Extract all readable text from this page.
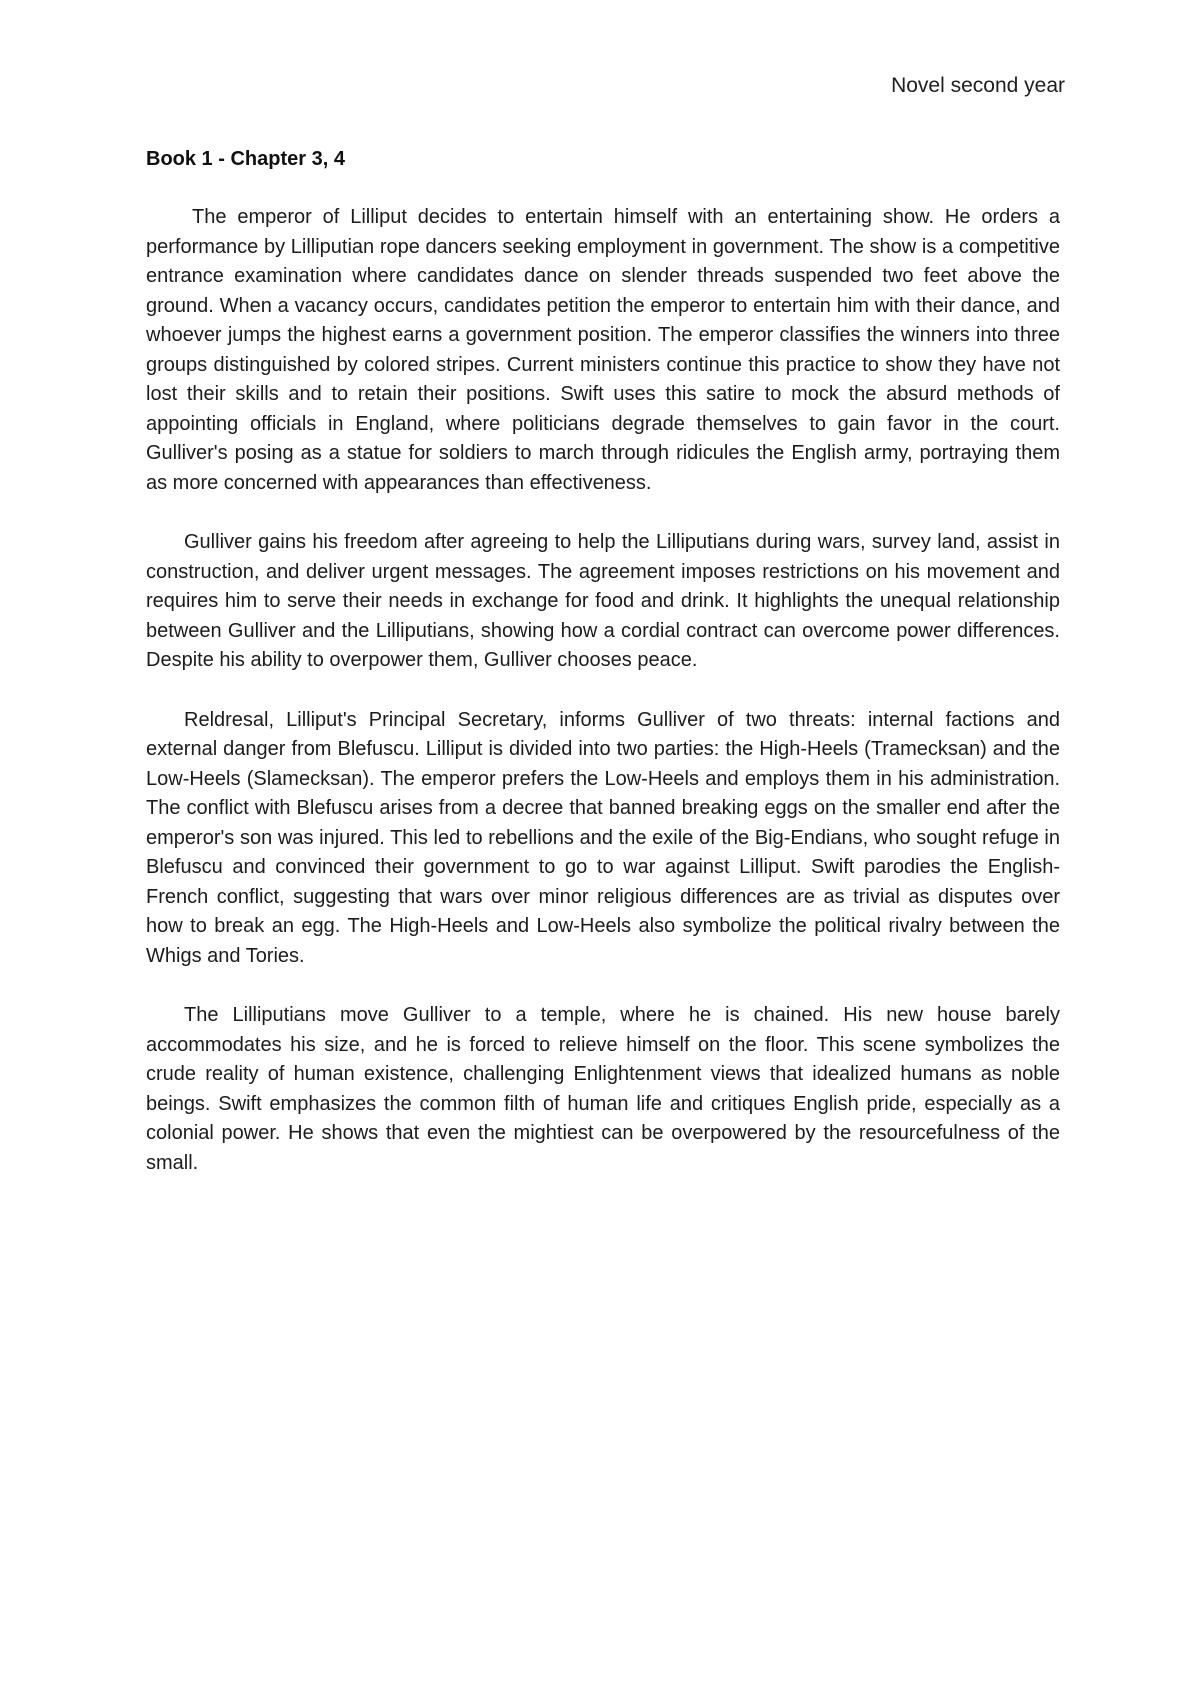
Novel second year
Book 1 - Chapter 3, 4

The emperor of Lilliput decides to entertain himself with an entertaining show. He orders a performance by Lilliputian rope dancers seeking employment in government. The show is a competitive entrance examination where candidates dance on slender threads suspended two feet above the ground. When a vacancy occurs, candidates petition the emperor to entertain him with their dance, and whoever jumps the highest earns a government position. The emperor classifies the winners into three groups distinguished by colored stripes. Current ministers continue this practice to show they have not lost their skills and to retain their positions. Swift uses this satire to mock the absurd methods of appointing officials in England, where politicians degrade themselves to gain favor in the court. Gulliver's posing as a statue for soldiers to march through ridicules the English army, portraying them as more concerned with appearances than effectiveness.

Gulliver gains his freedom after agreeing to help the Lilliputians during wars, survey land, assist in construction, and deliver urgent messages. The agreement imposes restrictions on his movement and requires him to serve their needs in exchange for food and drink. It highlights the unequal relationship between Gulliver and the Lilliputians, showing how a cordial contract can overcome power differences. Despite his ability to overpower them, Gulliver chooses peace.

Reldresal, Lilliput's Principal Secretary, informs Gulliver of two threats: internal factions and external danger from Blefuscu. Lilliput is divided into two parties: the High-Heels (Tramecksan) and the Low-Heels (Slamecksan). The emperor prefers the Low-Heels and employs them in his administration. The conflict with Blefuscu arises from a decree that banned breaking eggs on the smaller end after the emperor's son was injured. This led to rebellions and the exile of the Big-Endians, who sought refuge in Blefuscu and convinced their government to go to war against Lilliput. Swift parodies the English-French conflict, suggesting that wars over minor religious differences are as trivial as disputes over how to break an egg. The High-Heels and Low-Heels also symbolize the political rivalry between the Whigs and Tories.

The Lilliputians move Gulliver to a temple, where he is chained. His new house barely accommodates his size, and he is forced to relieve himself on the floor. This scene symbolizes the crude reality of human existence, challenging Enlightenment views that idealized humans as noble beings. Swift emphasizes the common filth of human life and critiques English pride, especially as a colonial power. He shows that even the mightiest can be overpowered by the resourcefulness of the small.
